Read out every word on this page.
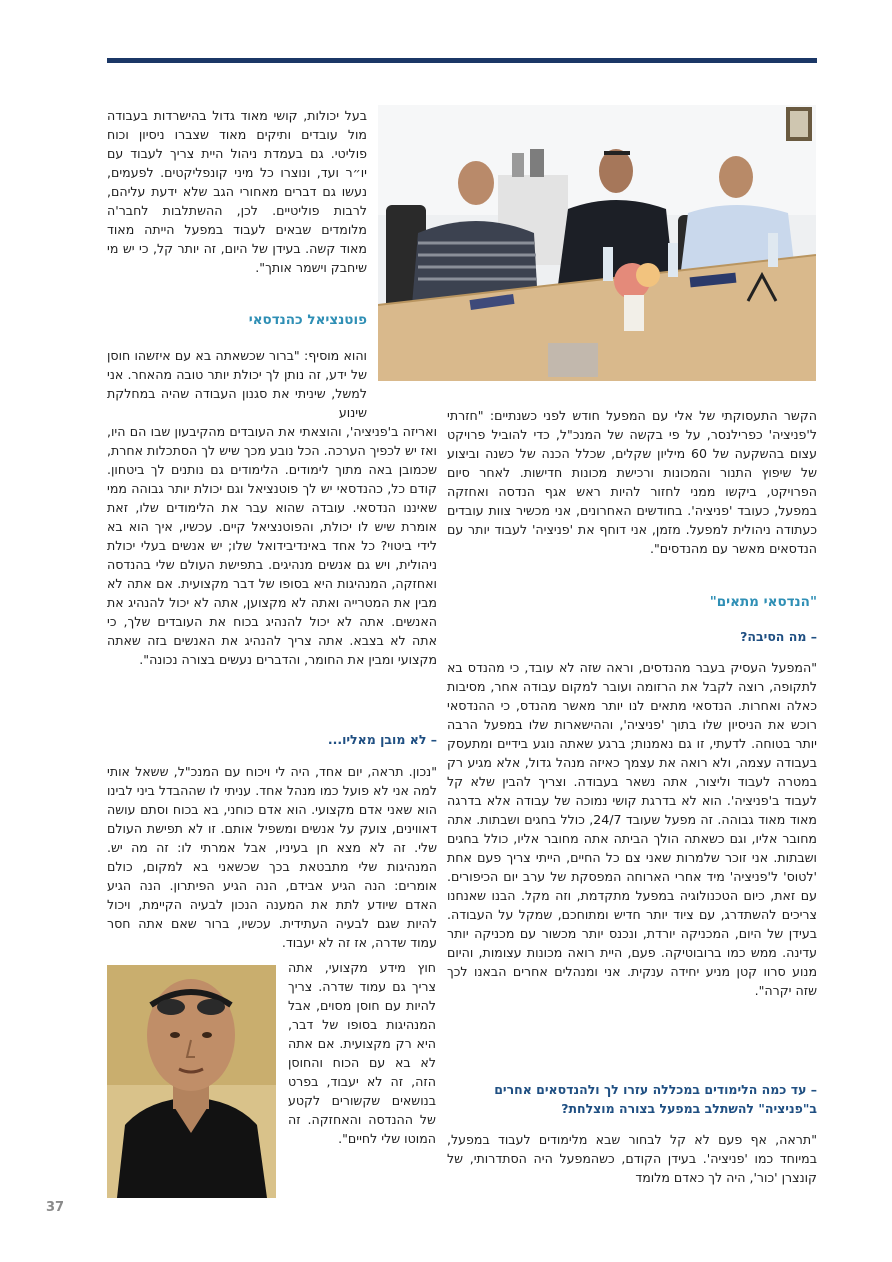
בעל יכולות, קושי מאוד גדול בהישרדות בעבודה מול עובדים ותיקים מאוד שצברו ניסיון וכוח פוליטי. גם בעמדת ניהול היית צריך לעבוד עם יו״ר ועד, ונוצרו כל מיני קונפליקטים. לפעמים, נעשו גם דברים מאחורי הגב שלא ידעת עליהם, לרבות פוליטיים. לכן, ההשתלבות לחבר'ה מלומדים שבאים לעבוד במפעל הייתה מאוד מאוד קשה. בעידן של היום, זה יותר קל, כי יש מי שיחבק וישמר אותך".

פוטנציאל כהנדסאי

והוא מוסיף: "ברור שכשאתה בא עם איזשהו חוסן של ידע, זה נותן לך יכולת יותר טובה מהאחר. אני למשל, שיניתי את סגנון העבודה שהיה במחלקת שינוע

ואריזה ב'פניציה', והוצאתי את העובדים מהקיבעון שבו הם היו, ואז יש לכפיך הערכה. הכל נובע מכך שיש לך הסתכלות אחרת, שכמובן באה מתוך לימודים. הלימודים גם נותנים לך ביטחון. קודם כל, כהנדסאי יש לך פוטנציאל וגם יכולת יותר גבוהה ממי שאיננו הנדסאי. עובדה שהוא עבר את הלימודים שלו, זאת אומרת שיש לו יכולת, והפוטנציאל קיים. עכשיו, איך הוא בא לידי ביטוי? כל אחד באינדיבידואל שלו; יש אנשים בעלי יכולת ניהולית, ויש גם אנשים מנהיגים. בתפישת העולם שלי בהנדסה ואחזקה, המנהיגות היא בסופו של דבר מקצועית. אם אתה לא מבין את המטרייה ואתה לא מקצוען, אתה לא יכול להנהיג את האנשים. אתה לא יכול להנהיג בכוח את העובדים שלך, כי אתה לא בצבא. אתה צריך להנהיג את האנשים בזה שאתה מקצועי ומבין את החומר, והדברים נעשים בצורה נכונה".

– לא מובן מאליו...

"נכון. תראה, יום אחד, היה לי ויכוח עם המנכ"ל, ששאל אותי למה אני לא פועל כמו מנהל אחד. עניתי לו שההבדל ביני לבינו הוא שאני אדם מקצועי. הוא אדם כוחני, בא בכוח וסתם עושה דאווינים, צועק על אנשים ומשפיל אותם. זו לא תפישת העולם שלי. זה לא מצא חן בעיניו, אבל אמרתי לו: זה מה יש. המנהיגות שלי מתבטאת בכך שכשאני בא למקום, כולם אומרים: הנה הגיע אבידם, הנה הגיע הפיתרון. הנה הגיע האדם שיודע לתת את המענה הנכון לבעיה הקיימת, ויכול להיות שגם לבעיה העתידית. עכשיו, ברור שאם אתה חסר עמוד שדרה, אז זה לא יעבוד.

חוץ מידע מקצועי, אתה צריך גם עמוד שדרה. צריך להיות עם חוסן מסוים, אבל המנהיגות בסופו של דבר, היא רק מקצועית. אם אתה לא בא עם הכוח והחוסן הזה, זה לא יעבוד, בפרט בנושאים שקשורים לקטע של ההנדסה והאחזקה. זה המוטו שלי לחיים".

הקשר התעסוקתי של אלי עם המפעל חודש לפני כשנתיים: "חזרתי ל'פניציה' כפרילנסר, על פי בקשה של המנכ"ל, כדי להוביל פרויקט עצום בהשקעה של 60 מיליון שקלים, שכלל הכנה של כשנה וביצוע של שיפוץ התנור והמכונות ורכישת מכונות חדישות. לאחר סיום הפרויקט, ביקשו ממני לחזור להיות ראש אגף הנדסה ואחזקה במפעל, כעובד 'פניציה'. בחודשים האחרונים, אני מכשיר צוות עובדים כעתודה ניהולית למפעל. מזמן, אני דוחף את 'פניציה' לעבוד יותר עם הנדסאים מאשר עם מהנדסים".

"הנדסאי מתאים"
– מה הסיבה?

"המפעל העסיק בעבר מהנדסים, וראה שזה לא עובד, כי מהנדס בא לתקופה, רוצה לקבל את הרזומה ועובר למקום עבודה אחר, מסיבות כאלה ואחרות. הנדסאי מתאים לנו יותר מאשר מהנדס, כי ההנדסאי רוכש את הניסיון שלו בתוך 'פניציה', וההישארות שלו במפעל הרבה יותר בטוחה. לדעתי, זו גם נאמנות; ברגע שאתה נוגע בידיים ומתעסק בעבודה עצמה, ולא רואה את עצמך כאיזה מנהל גדול, אלא מגיע רק במטרה לעבוד וליצור, אתה נשאר בעבודה. וצריך להבין שלא קל לעבוד ב'פניציה'. הוא לא בדרגת קושי נמוכה של עבודה אלא בדרגה מאוד מאוד גבוהה. זה מפעל שעובד 24/7, כולל בחגים ושבתות. אתה מחובר אליו, וגם כשאתה הולך הביתה אתה מחובר אליו, כולל בחגים ושבתות. אני זוכר שלמרות שאני צם כל החיים, הייתי צריך פעם אחת 'לטוס' ל'פניציה' מיד אחרי הארוחה המפסקת של ערב יום הכיפורים. עם זאת, כיום הטכנולוגיה במפעל מתקדמת, וזה מקל. הבנו שאנחנו צריכים להשתדרג, עם ציוד יותר חדיש ומתוחכם, שמקל על העבודה. בעידן של היום, המכניקה יורדת, ונכנס יותר מכשור עם מכניקה יותר עדינה. ממש כמו ברובוטיקה. פעם, היית רואה מכונות עצומות, והיום מנוע סרוו קטן מניע יחידה ענקית. אני ומנהלים אחרים הבאנו לכך שזה יקרה".

– עד כמה הלימודים במכללה עזרו לך ולהנדסאים אחרים ב"פניציה" להשתלב במפעל בצורה מוצלחת?

"תראה, אף פעם לא קל לבחור שבא מלימודים לעבוד במפעל, במיוחד כמו 'פניציה'. בעידן הקודם, כשהמפעל היה הסתדרותי, של קונצרן 'כור', היה לך כאדם מלומד

37
